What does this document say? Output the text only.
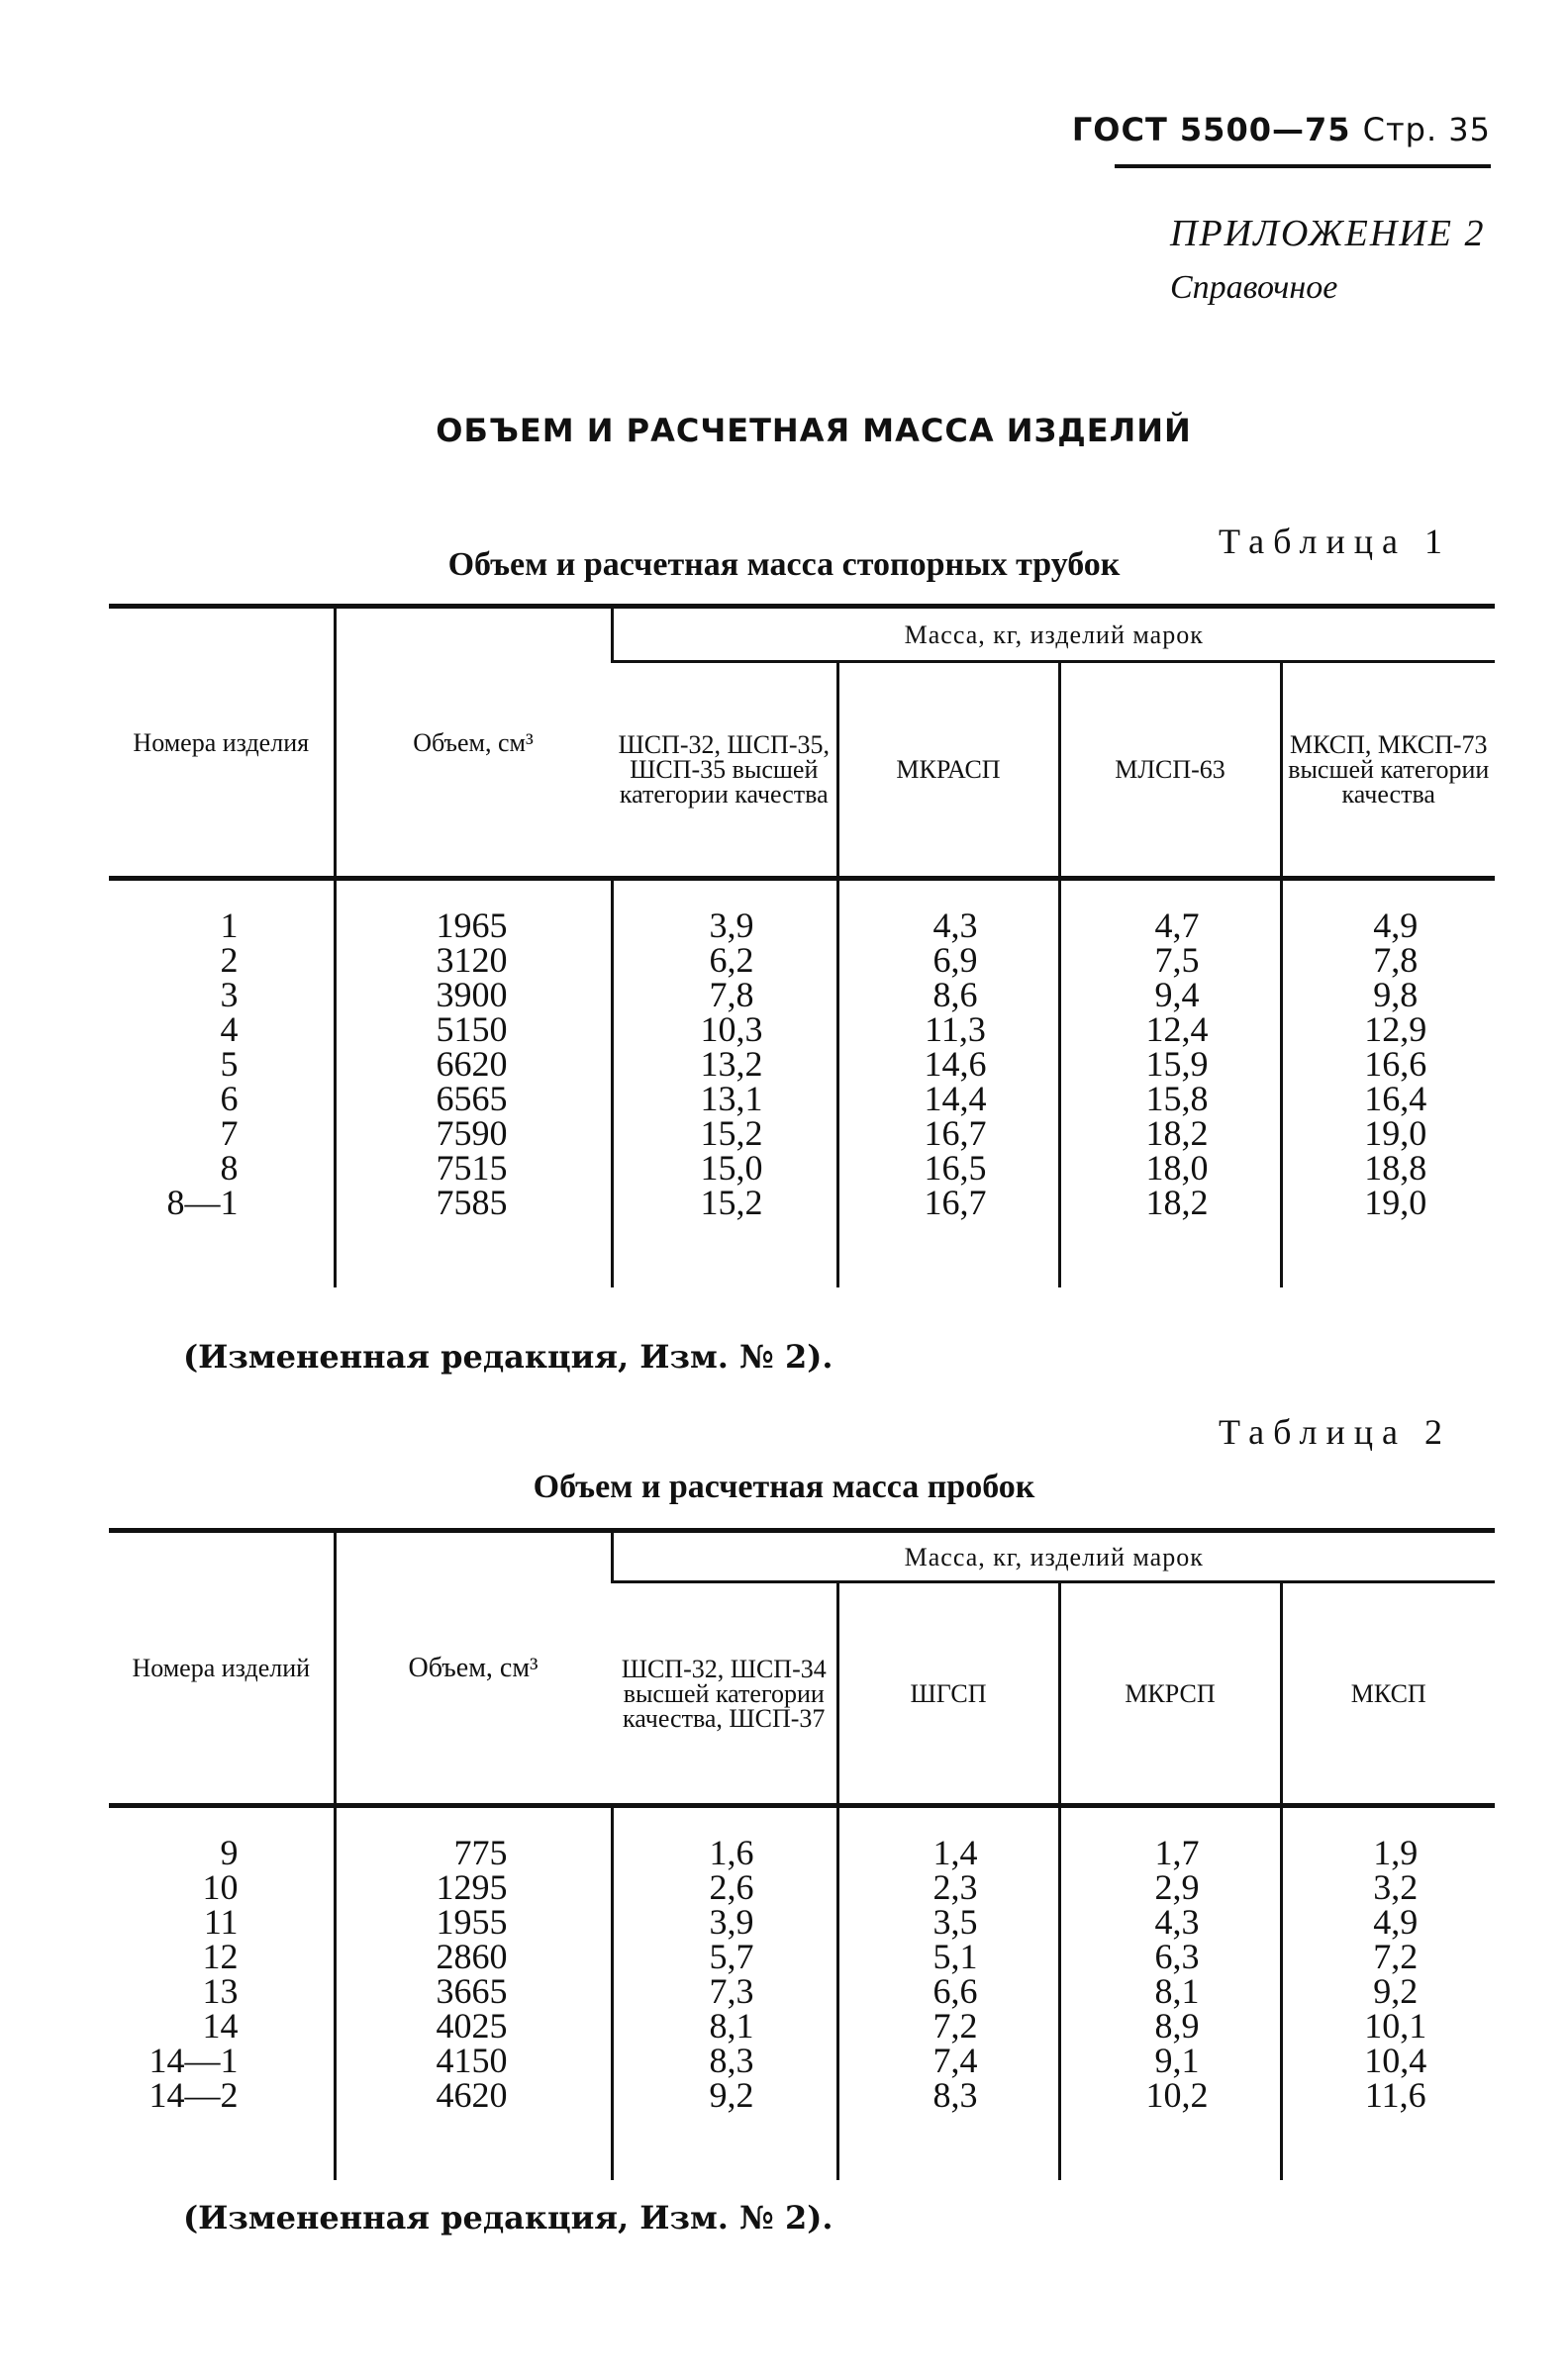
ГОСТ 5500—75 Стр. 35
ПРИЛОЖЕНИЕ 2
Справочное
ОБЪЕМ И РАСЧЕТНАЯ МАССА ИЗДЕЛИЙ
Таблица 1
Объем и расчетная масса стопорных трубок
Номера изделия	Объем, см³	Масса, кг, изделий марок			
		ШСП-32, ШСП-35, ШСП-35 высшей категории качества	МКРАСП	МЛСП-63	МКСП, МКСП-73 высшей категории качества

1	1965	3,9	4,3	4,7	4,9
2	3120	6,2	6,9	7,5	7,8
3	3900	7,8	8,6	9,4	9,8
4	5150	10,3	11,3	12,4	12,9
5	6620	13,2	14,6	15,9	16,6
6	6565	13,1	14,4	15,8	16,4
7	7590	15,2	16,7	18,2	19,0
8	7515	15,0	16,5	18,0	18,8
8—1	7585	15,2	16,7	18,2	19,0
(Измененная редакция, Изм. № 2).
Таблица 2
Объем и расчетная масса пробок
Номера изделий	Объем, см³	Масса, кг, изделий марок			
		ШСП-32, ШСП-34 высшей категории качества, ШСП-37	ШГСП	МКРСП	МКСП

9	775	1,6	1,4	1,7	1,9
10	1295	2,6	2,3	2,9	3,2
11	1955	3,9	3,5	4,3	4,9
12	2860	5,7	5,1	6,3	7,2
13	3665	7,3	6,6	8,1	9,2
14	4025	8,1	7,2	8,9	10,1
14—1	4150	8,3	7,4	9,1	10,4
14—2	4620	9,2	8,3	10,2	11,6
(Измененная редакция, Изм. № 2).
